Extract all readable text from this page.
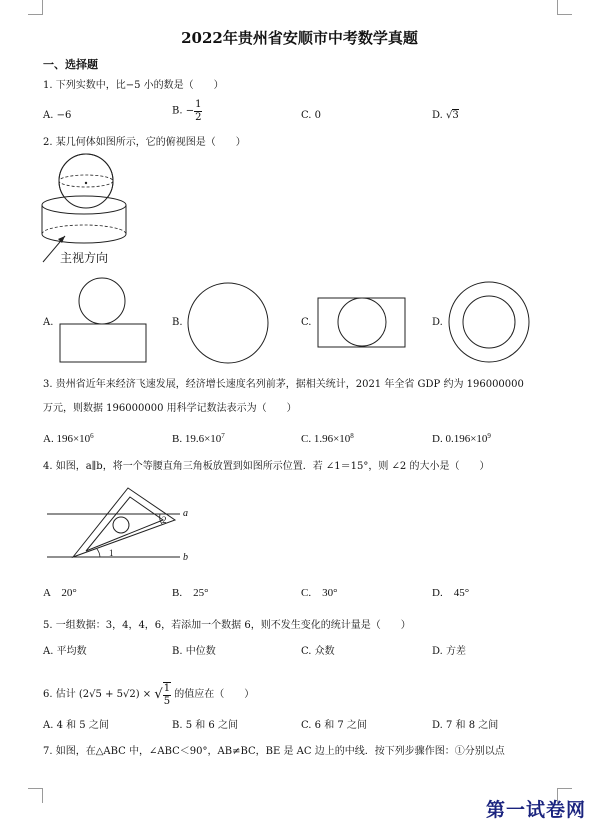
2022年贵州省安顺市中考数学真题
一、选择题
1. 下列实数中，比−5 小的数是（　　）
A. −6	B. − $\frac{1}{2}$	C. 0	D. √3
2. 某几何体如图所示，它的俯视图是（　　）
主视方向
A.	B.	C.	D.
3. 贵州省近年来经济飞速发展，经济增长速度名列前茅，据相关统计，2021 年全省 GDP 约为 196000000
万元，则数据 196000000 用科学记数法表示为（　　）
A. $196\times 10^6$	B. $19.6\times 10^7$	C. $1.96\times 10^8$	D. $0.196\times 10^9$
4. 如图，a∥b，将一个等腰直角三角板放置到如图所示位置．若 ∠1＝15°，则 ∠2 的大小是（　　）
a
b
1
2
A　20°	B.　25°	C.　30°	D.　45°
5. 一组数据：3，4，4，6，若添加一个数据 6，则不发生变化的统计量是（　　）
A. 平均数	B. 中位数	C. 众数	D. 方差
6. 估计 (2√5 + 5√2) × √ $\frac{1}{5}$ 的值应在（　　）
A. 4 和 5 之间	B. 5 和 6 之间	C. 6 和 7 之间	D. 7 和 8 之间
7. 如图，在△ABC 中，∠ABC＜90°，AB≠BC，BE 是 AC 边上的中线．按下列步骤作图：①分别以点
第一试卷网
